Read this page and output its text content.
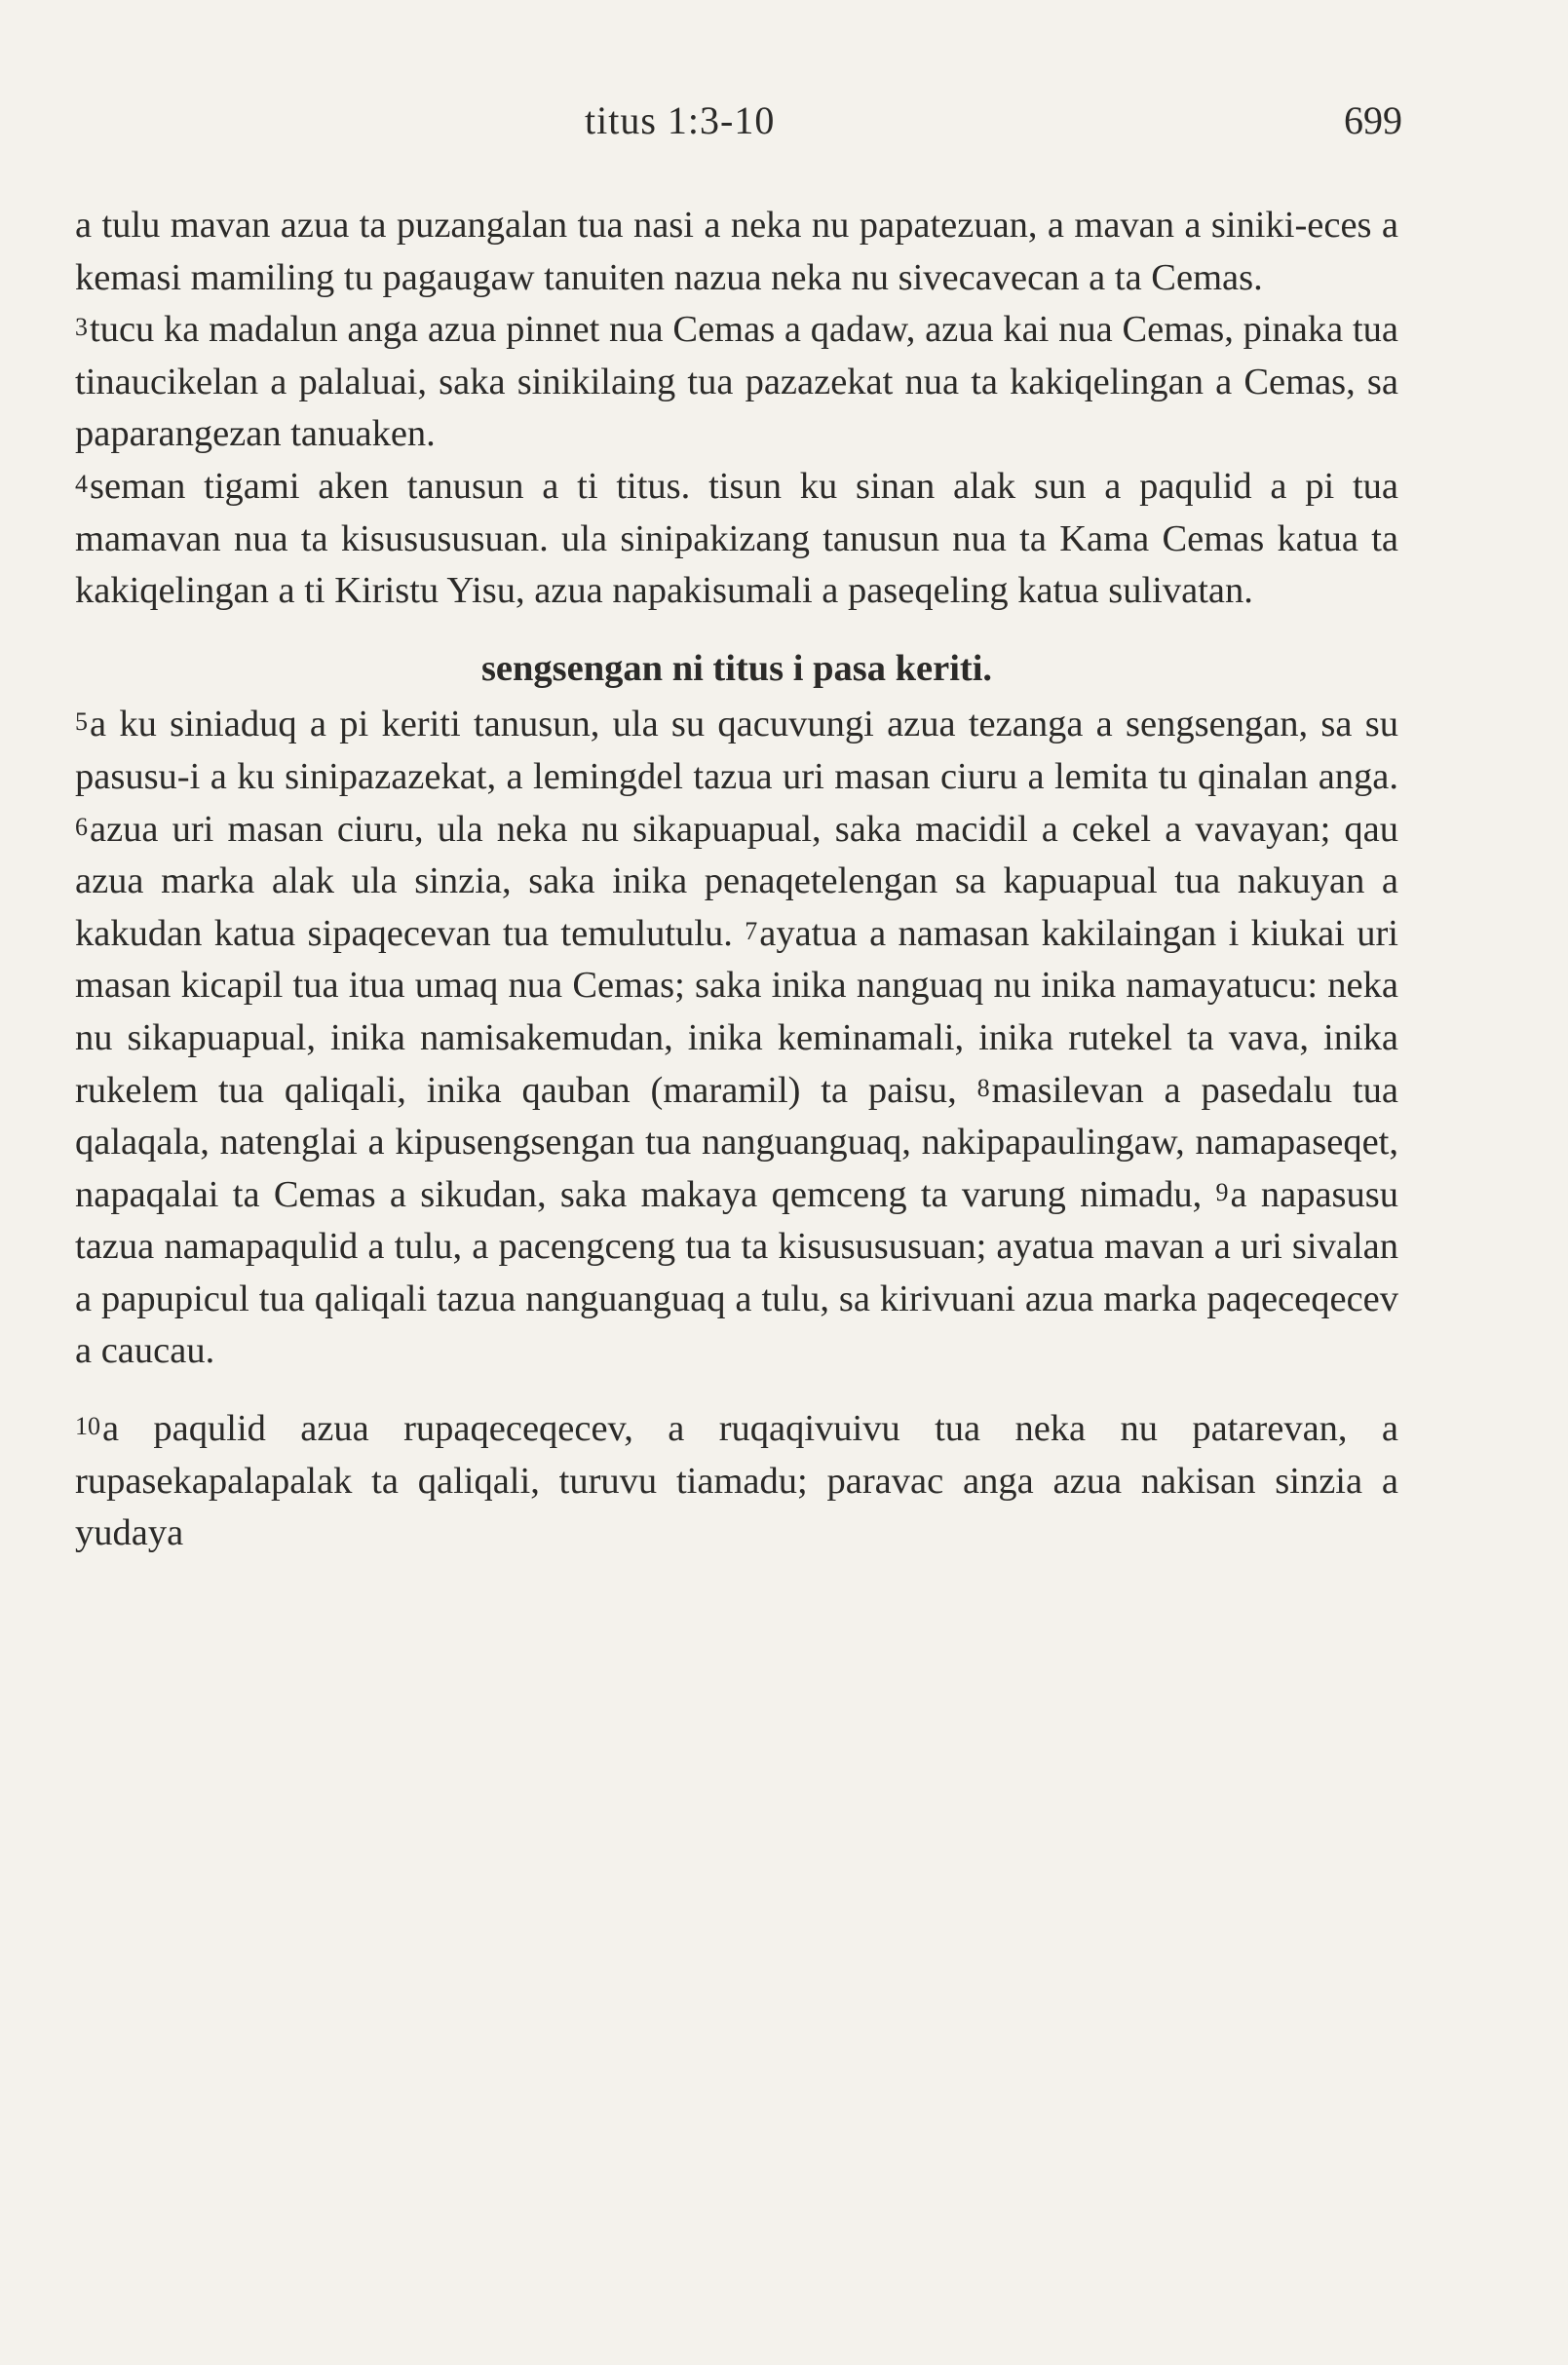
titus 1:3-10	699

a tulu mavan azua ta puzangalan tua nasi a neka nu papatezuan, a mavan a siniki-eces a kemasi mamiling tu pagaugaw tanuiten nazua neka nu sivecavecan a ta Cemas.

$^3$tucu ka madalun anga azua pinnet nua Cemas a qadaw, azua kai nua Cemas, pinaka tua tinaucikelan a palaluai, saka sinikilaing tua pazazekat nua ta kakiqelingan a Cemas, sa paparangezan tanuaken.

$^4$seman tigami aken tanusun a ti titus. tisun ku sinan alak sun a paqulid a pi tua mamavan nua ta kisusususuan. ula sinipakizang tanusun nua ta Kama Cemas katua ta kakiqelingan a ti Kiristu Yisu, azua napakisumali a paseqeling katua sulivatan.

sengsengan ni titus i pasa keriti.

$^5$a ku siniaduq a pi keriti tanusun, ula su qacuvungi azua tezanga a sengsengan, sa su pasusu-i a ku sinipazazekat, a lemingdel tazua uri masan ciuru a lemita tu qinalan anga. $^6$azua uri masan ciuru, ula neka nu sikapuapual, saka macidil a cekel a vavayan; qau azua marka alak ula sinzia, saka inika penaqetelengan sa kapuapual tua nakuyan a kakudan katua sipaqecevan tua temulutulu. $^7$ayatua a namasan kakilaingan i kiukai uri masan kicapil tua itua umaq nua Cemas; saka inika nanguaq nu inika namayatucu: neka nu sikapuapual, inika namisakemudan, inika keminamali, inika rutekel ta vava, inika rukelem tua qaliqali, inika qauban (maramil) ta paisu, $^8$masilevan a pasedalu tua qalaqala, natenglai a kipusengsengan tua nanguanguaq, nakipapaulingaw, namapaseqet, napaqalai ta Cemas a sikudan, saka makaya qemceng ta varung nimadu, $^9$a napasusu tazua namapaqulid a tulu, a pacengceng tua ta kisusususuan; ayatua mavan a uri sivalan a papupicul tua qaliqali tazua nanguanguaq a tulu, sa kirivuani azua marka paqeceqecev a caucau.

$^{10}$a paqulid azua rupaqeceqecev, a ruqaqivuivu tua neka nu patarevan, a rupasekapalapalak ta qaliqali, turuvu tiamadu; paravac anga azua nakisan sinzia a yudaya
